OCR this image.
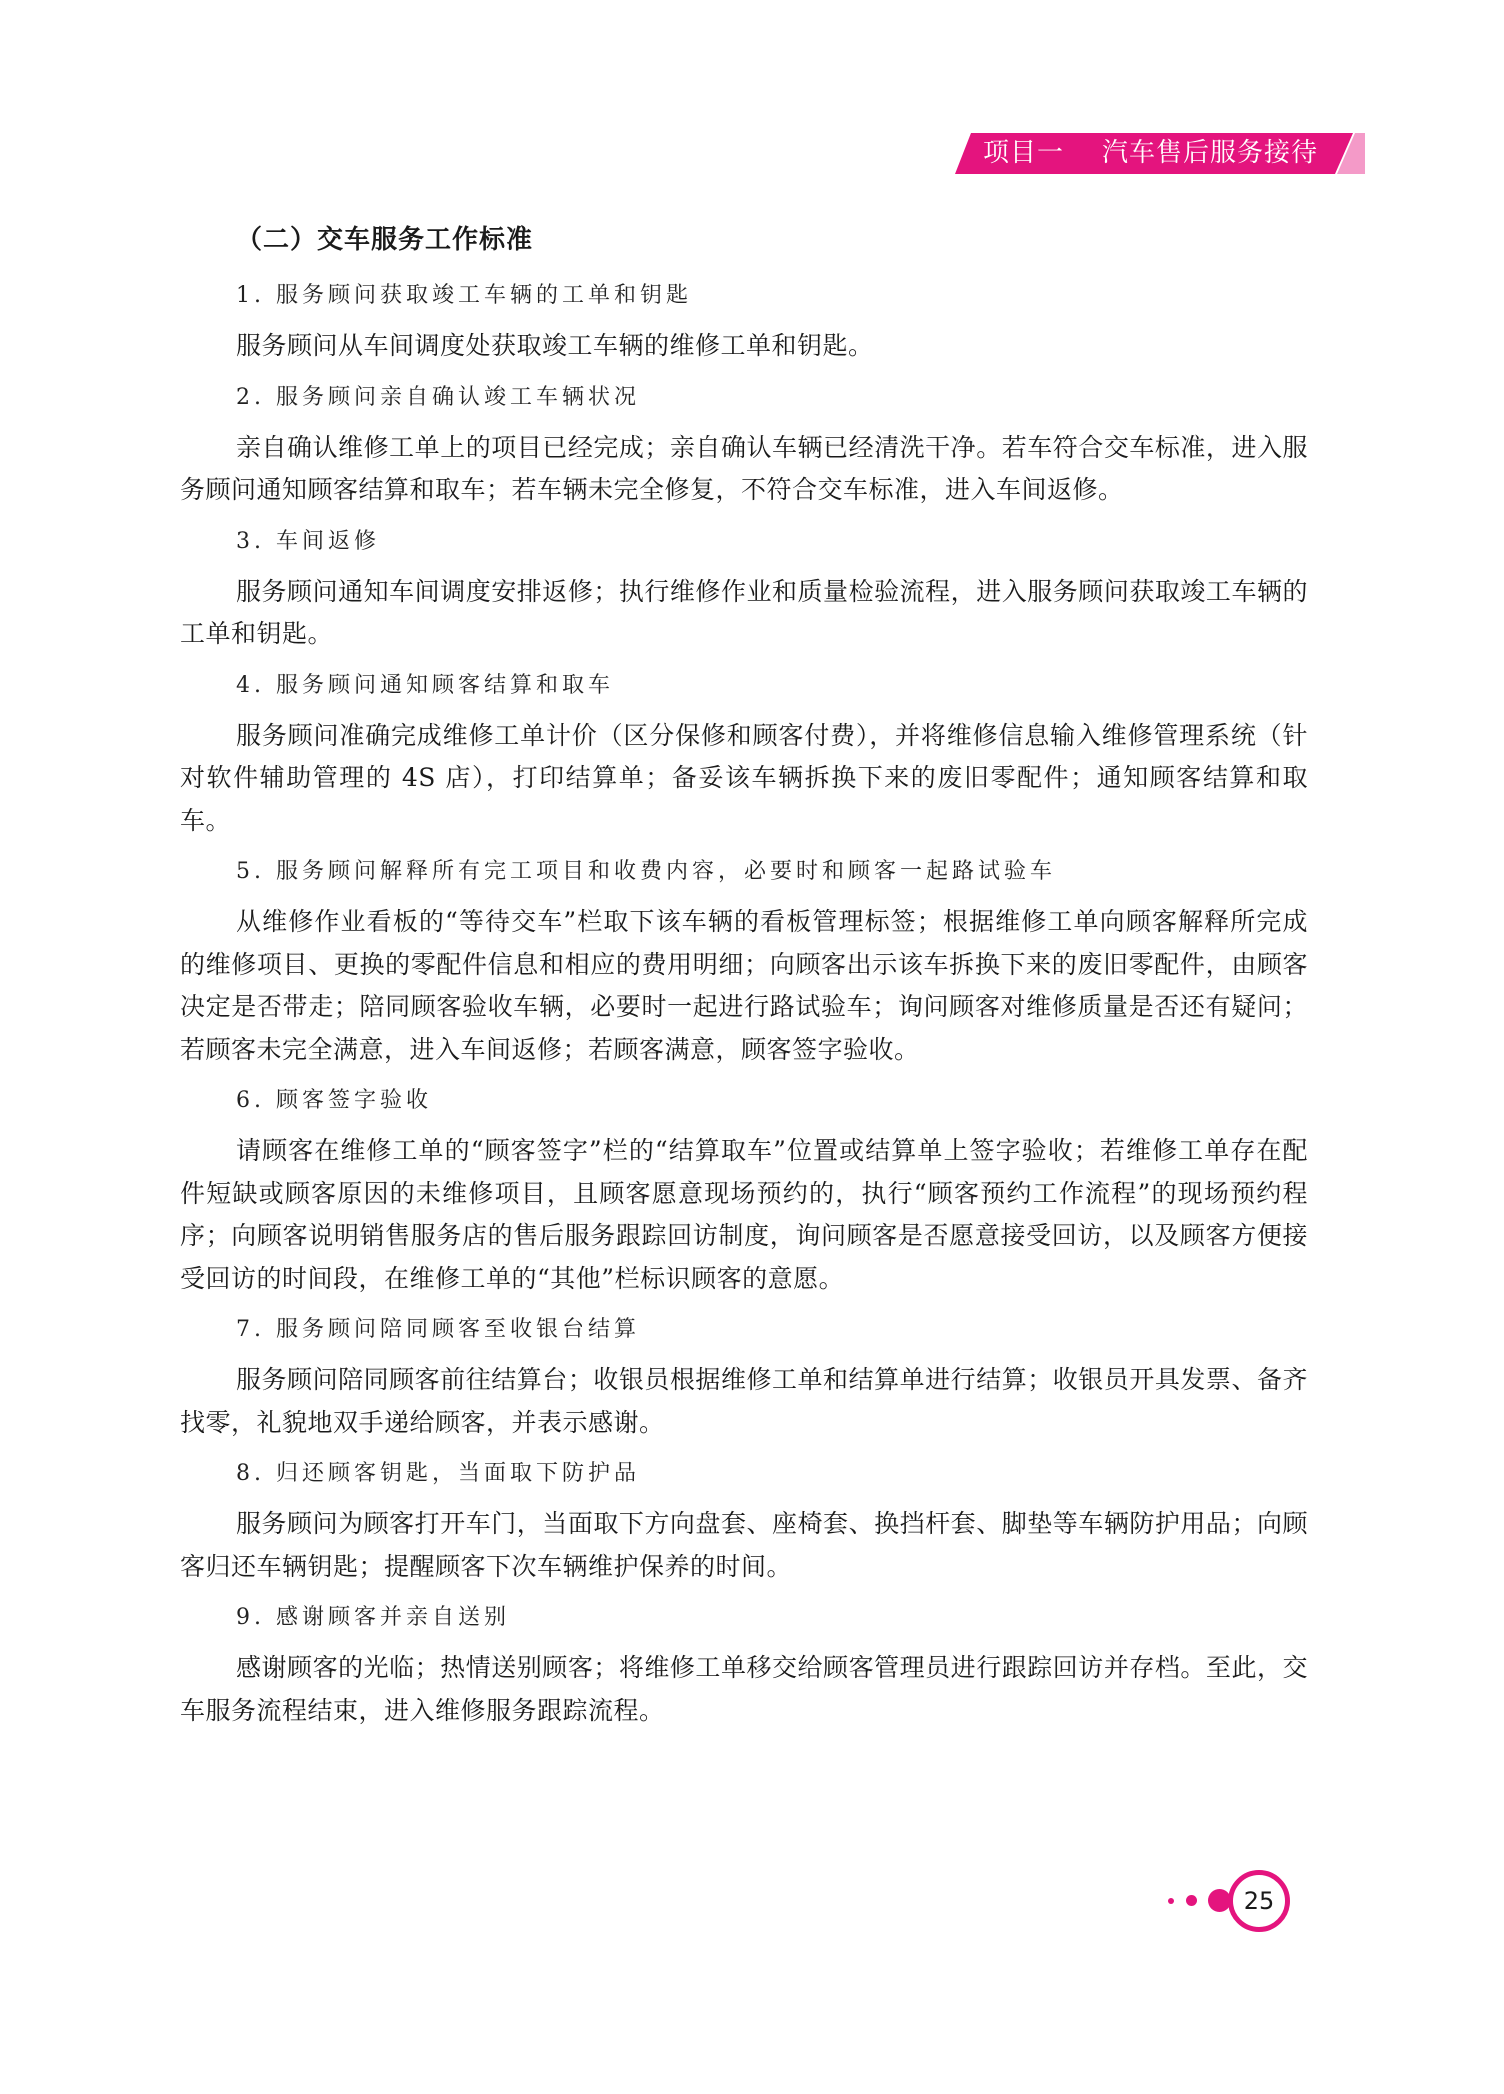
项目一 汽车售后服务接待
（二）交车服务工作标准
1. 服务顾问获取竣工车辆的工单和钥匙

服务顾问从车间调度处获取竣工车辆的维修工单和钥匙。

2. 服务顾问亲自确认竣工车辆状况

亲自确认维修工单上的项目已经完成；亲自确认车辆已经清洗干净。若车符合交车标准，进入服务顾问通知顾客结算和取车；若车辆未完全修复，不符合交车标准，进入车间返修。

3. 车间返修

服务顾问通知车间调度安排返修；执行维修作业和质量检验流程，进入服务顾问获取竣工车辆的工单和钥匙。

4. 服务顾问通知顾客结算和取车

服务顾问准确完成维修工单计价（区分保修和顾客付费），并将维修信息输入维修管理系统（针对软件辅助管理的 4S 店），打印结算单；备妥该车辆拆换下来的废旧零配件；通知顾客结算和取车。

5. 服务顾问解释所有完工项目和收费内容，必要时和顾客一起路试验车

从维修作业看板的“等待交车”栏取下该车辆的看板管理标签；根据维修工单向顾客解释所完成的维修项目、更换的零配件信息和相应的费用明细；向顾客出示该车拆换下来的废旧零配件，由顾客决定是否带走；陪同顾客验收车辆，必要时一起进行路试验车；询问顾客对维修质量是否还有疑问；若顾客未完全满意，进入车间返修；若顾客满意，顾客签字验收。

6. 顾客签字验收

请顾客在维修工单的“顾客签字”栏的“结算取车”位置或结算单上签字验收；若维修工单存在配件短缺或顾客原因的未维修项目，且顾客愿意现场预约的，执行“顾客预约工作流程”的现场预约程序；向顾客说明销售服务店的售后服务跟踪回访制度，询问顾客是否愿意接受回访，以及顾客方便接受回访的时间段，在维修工单的“其他”栏标识顾客的意愿。

7. 服务顾问陪同顾客至收银台结算

服务顾问陪同顾客前往结算台；收银员根据维修工单和结算单进行结算；收银员开具发票、备齐找零，礼貌地双手递给顾客，并表示感谢。

8. 归还顾客钥匙，当面取下防护品

服务顾问为顾客打开车门，当面取下方向盘套、座椅套、换挡杆套、脚垫等车辆防护用品；向顾客归还车辆钥匙；提醒顾客下次车辆维护保养的时间。

9. 感谢顾客并亲自送别

感谢顾客的光临；热情送别顾客；将维修工单移交给顾客管理员进行跟踪回访并存档。至此，交车服务流程结束，进入维修服务跟踪流程。

25
